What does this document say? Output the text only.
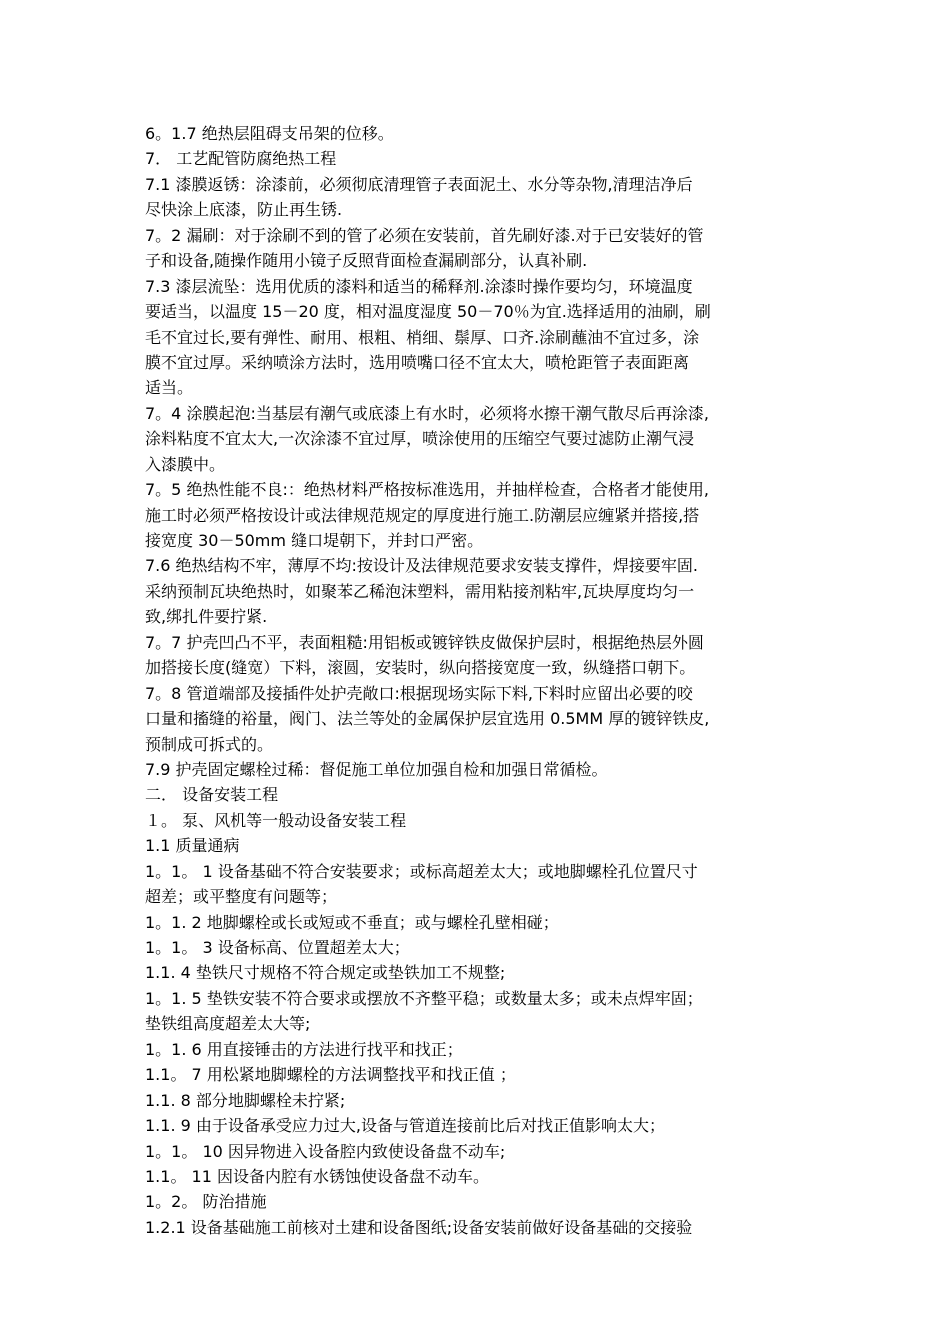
6。1.7 绝热层阻碍支吊架的位移。
7． 工艺配管防腐绝热工程
7.1 漆膜返锈：涂漆前，必须彻底清理管子表面泥土、水分等杂物,清理洁净后
尽快涂上底漆，防止再生锈.
7。2 漏刷：对于涂刷不到的管了必须在安装前，首先刷好漆.对于已安装好的管
子和设备,随操作随用小镜子反照背面检查漏刷部分，认真补刷.
7.3 漆层流坠：选用优质的漆料和适当的稀释剂.涂漆时操作要均匀，环境温度
要适当，以温度 15－20 度，相对温度湿度 50－70％为宜.选择适用的油刷，刷
毛不宜过长,要有弹性、耐用、根粗、梢细、鬃厚、口齐.涂刷蘸油不宜过多，涂
膜不宜过厚。采纳喷涂方法时，选用喷嘴口径不宜太大，喷枪距管子表面距离
适当。
7。4 涂膜起泡:当基层有潮气或底漆上有水时，必须将水擦干潮气散尽后再涂漆,
涂料粘度不宜太大,一次涂漆不宜过厚，喷涂使用的压缩空气要过滤防止潮气浸
入漆膜中。
7。5 绝热性能不良:：绝热材料严格按标准选用，并抽样检查，合格者才能使用,
施工时必须严格按设计或法律规范规定的厚度进行施工.防潮层应缠紧并搭接,搭
接宽度 30－50mm 缝口堤朝下，并封口严密。
7.6 绝热结构不牢，薄厚不均:按设计及法律规范要求安装支撑件，焊接要牢固.
采纳预制瓦块绝热时，如聚苯乙稀泡沫塑料，需用粘接剂粘牢,瓦块厚度均匀一
致,绑扎件要拧紧.
7。7 护壳凹凸不平，表面粗糙:用铝板或镀锌铁皮做保护层时，根据绝热层外圆
加搭接长度(缝宽）下料，滚圆，安装时，纵向搭接宽度一致，纵缝搭口朝下。
7。8 管道端部及接插件处护壳敞口:根据现场实际下料,下料时应留出必要的咬
口量和搐缝的裕量，阀门、法兰等处的金属保护层宜选用 0.5MM 厚的镀锌铁皮,
预制成可拆式的。
7.9 护壳固定螺栓过稀：督促施工单位加强自检和加强日常循检。
二． 设备安装工程
１。 泵、风机等一般动设备安装工程
1.1 质量通病
1。1。 1 设备基础不符合安装要求；或标高超差太大；或地脚螺栓孔位置尺寸
超差；或平整度有问题等；
1。1. 2 地脚螺栓或长或短或不垂直；或与螺栓孔壁相碰；
1。1。 3 设备标高、位置超差太大；
1.1. 4 垫铁尺寸规格不符合规定或垫铁加工不规整;
1。1. 5 垫铁安装不符合要求或摆放不齐整平稳；或数量太多；或未点焊牢固；
垫铁组高度超差太大等;
1。1. 6 用直接锤击的方法进行找平和找正；
1.1。 7 用松紧地脚螺栓的方法调整找平和找正值 ；
1.1. 8 部分地脚螺栓未拧紧;
1.1. 9 由于设备承受应力过大,设备与管道连接前比后对找正值影响太大；
1。1。 10 因异物进入设备腔内致使设备盘不动车;
1.1。 11 因设备内腔有水锈蚀使设备盘不动车。
1。2。 防治措施
1.2.1 设备基础施工前核对土建和设备图纸;设备安装前做好设备基础的交接验
